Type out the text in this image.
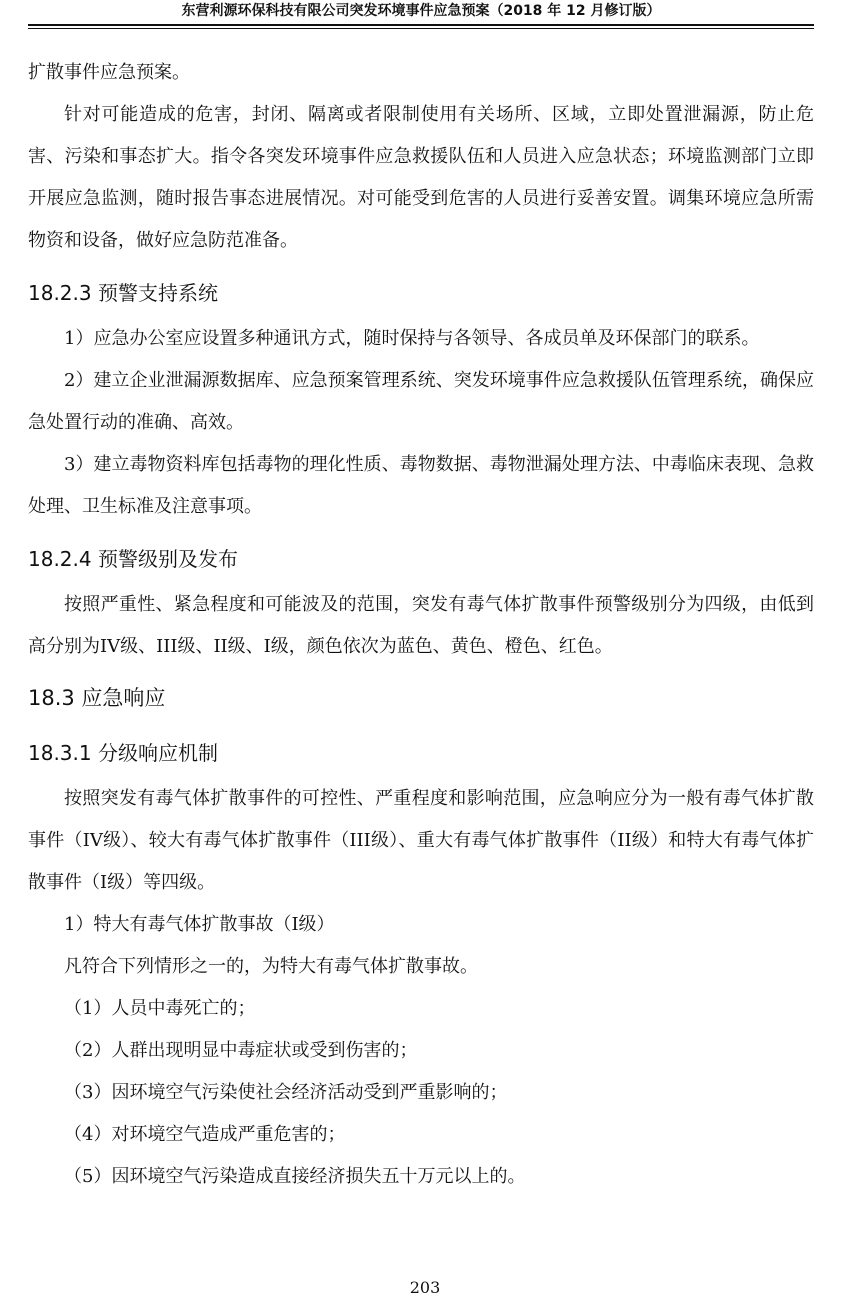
东营利源环保科技有限公司突发环境事件应急预案（2018 年 12 月修订版）

扩散事件应急预案。

针对可能造成的危害，封闭、隔离或者限制使用有关场所、区域，立即处置泄漏源，防止危害、污染和事态扩大。指令各突发环境事件应急救援队伍和人员进入应急状态；环境监测部门立即开展应急监测，随时报告事态进展情况。对可能受到危害的人员进行妥善安置。调集环境应急所需物资和设备，做好应急防范准备。

18.2.3 预警支持系统

1）应急办公室应设置多种通讯方式，随时保持与各领导、各成员单及环保部门的联系。

2）建立企业泄漏源数据库、应急预案管理系统、突发环境事件应急救援队伍管理系统，确保应急处置行动的准确、高效。

3）建立毒物资料库包括毒物的理化性质、毒物数据、毒物泄漏处理方法、中毒临床表现、急救处理、卫生标准及注意事项。

18.2.4 预警级别及发布

按照严重性、紧急程度和可能波及的范围，突发有毒气体扩散事件预警级别分为四级，由低到高分别为IV级、III级、II级、I级，颜色依次为蓝色、黄色、橙色、红色。

18.3 应急响应
18.3.1 分级响应机制

按照突发有毒气体扩散事件的可控性、严重程度和影响范围，应急响应分为一般有毒气体扩散事件（IV级）、较大有毒气体扩散事件（III级）、重大有毒气体扩散事件（II级）和特大有毒气体扩散事件（I级）等四级。

1）特大有毒气体扩散事故（I级）

凡符合下列情形之一的，为特大有毒气体扩散事故。

（1）人员中毒死亡的；

（2）人群出现明显中毒症状或受到伤害的；

（3）因环境空气污染使社会经济活动受到严重影响的；

（4）对环境空气造成严重危害的；

（5）因环境空气污染造成直接经济损失五十万元以上的。

203
